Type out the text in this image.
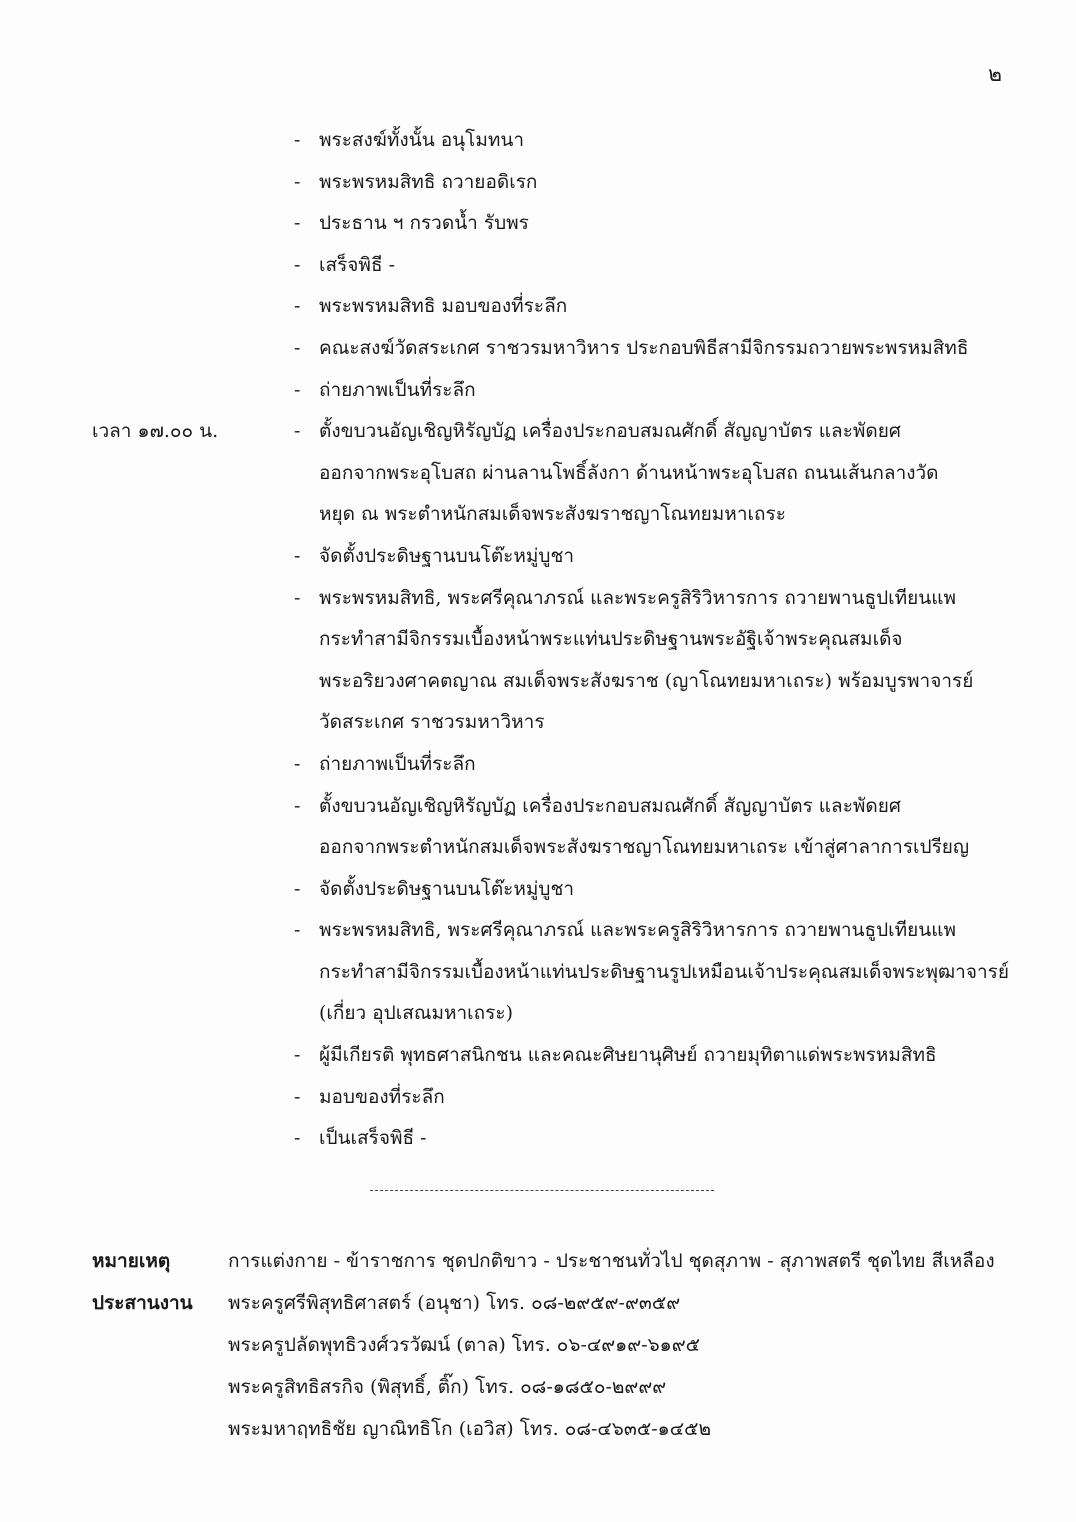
๒
- พระสงฆ์ทั้งนั้น อนุโมทนา
- พระพรหมสิทธิ ถวายอดิเรก
- ประธาน ฯ กรวดน้ำ รับพร
- เสร็จพิธี -
- พระพรหมสิทธิ มอบของที่ระลึก
- คณะสงฆ์วัดสระเกศ ราชวรมหาวิหาร ประกอบพิธีสามีจิกรรมถวายพระพรหมสิทธิ
- ถ่ายภาพเป็นที่ระลึก
เวลา ๑๗.๐๐ น.	- ตั้งขบวนอัญเชิญหิรัญบัฏ เครื่องประกอบสมณศักดิ์ สัญญาบัตร และพัดยศ
ออกจากพระอุโบสถ ผ่านลานโพธิ์ลังกา ด้านหน้าพระอุโบสถ ถนนเส้นกลางวัด
หยุด ณ พระตำหนักสมเด็จพระสังฆราชญาโณทยมหาเถระ
- จัดตั้งประดิษฐานบนโต๊ะหมู่บูชา
- พระพรหมสิทธิ, พระศรีคุณาภรณ์ และพระครูสิริวิหารการ ถวายพานธูปเทียนแพ
กระทำสามีจิกรรมเบื้องหน้าพระแท่นประดิษฐานพระอัฐิเจ้าพระคุณสมเด็จ
พระอริยวงศาคตญาณ สมเด็จพระสังฆราช (ญาโณทยมหาเถระ) พร้อมบูรพาจารย์
วัดสระเกศ ราชวรมหาวิหาร
- ถ่ายภาพเป็นที่ระลึก
- ตั้งขบวนอัญเชิญหิรัญบัฏ เครื่องประกอบสมณศักดิ์ สัญญาบัตร และพัดยศ
ออกจากพระตำหนักสมเด็จพระสังฆราชญาโณทยมหาเถระ เข้าสู่ศาลาการเปรียญ
- จัดตั้งประดิษฐานบนโต๊ะหมู่บูชา
- พระพรหมสิทธิ, พระศรีคุณาภรณ์ และพระครูสิริวิหารการ ถวายพานธูปเทียนแพ
กระทำสามีจิกรรมเบื้องหน้าแท่นประดิษฐานรูปเหมือนเจ้าประคุณสมเด็จพระพุฒาจารย์
(เกี่ยว อุปเสณมหาเถระ)
- ผู้มีเกียรติ พุทธศาสนิกชน และคณะศิษยานุศิษย์ ถวายมุทิตาแด่พระพรหมสิทธิ
- มอบของที่ระลึก
- เป็นเสร็จพิธี -
หมายเหตุ	การแต่งกาย - ข้าราชการ ชุดปกติขาว - ประชาชนทั่วไป ชุดสุภาพ - สุภาพสตรี ชุดไทย สีเหลือง
ประสานงาน พระครูศรีพิสุทธิศาสตร์ (อนุชา) โทร. ๐๘-๒๙๕๙-๙๓๕๙
พระครูปลัดพุทธิวงศ์วรวัฒน์ (ตาล) โทร. ๐๖-๔๙๑๙-๖๑๙๕
พระครูสิทธิสรกิจ (พิสุทธิ์, ติ๊ก) โทร. ๐๘-๑๘๕๐-๒๙๙๙
พระมหาฤทธิชัย ญาณิทธิโก (เอวิส) โทร. ๐๘-๔๖๓๕-๑๔๕๒
